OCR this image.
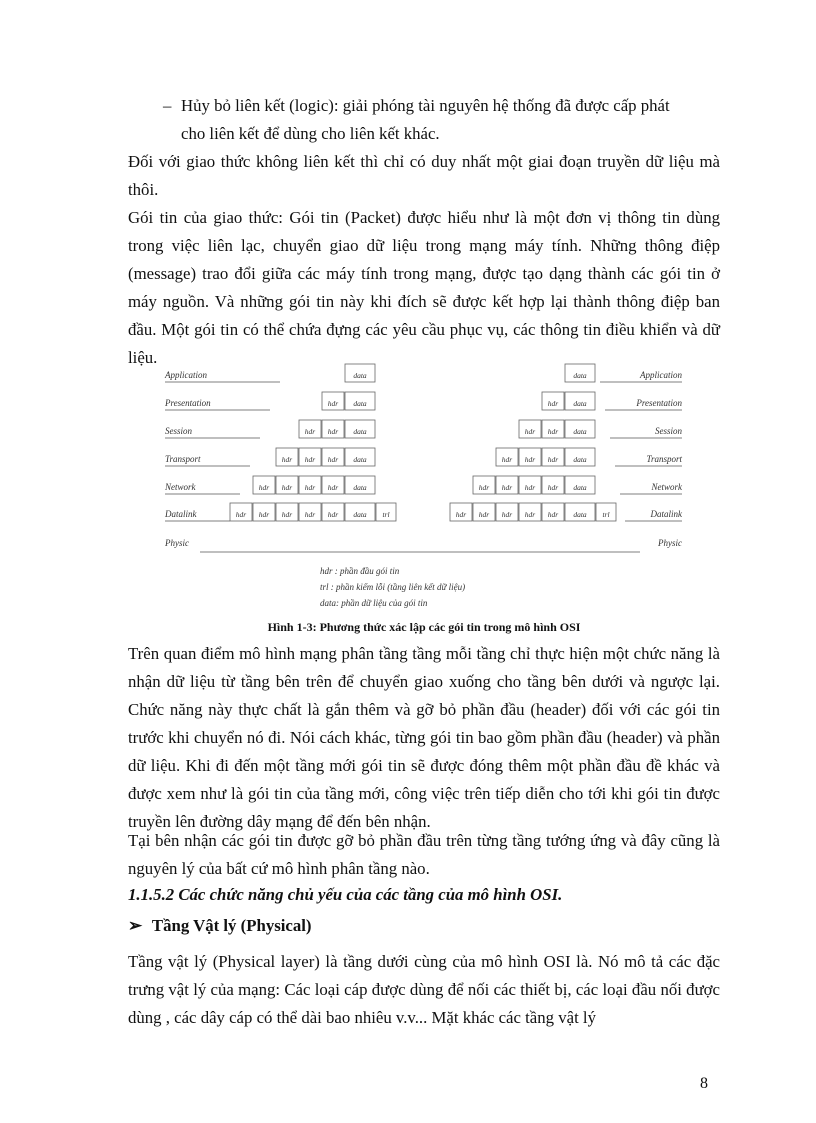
– Hủy bỏ liên kết (logic): giải phóng tài nguyên hệ thống đã được cấp phát
cho liên kết để dùng cho liên kết khác.

Đối với giao thức không liên kết thì chỉ có duy nhất một giai đoạn truyền dữ liệu mà thôi.

Gói tin của giao thức: Gói tin (Packet) được hiểu như là một đơn vị thông tin dùng trong việc liên lạc, chuyển giao dữ liệu trong mạng máy tính. Những thông điệp (message) trao đổi giữa các máy tính trong mạng, được tạo dạng thành các gói tin ở máy nguồn. Và những gói tin này khi đích sẽ được kết hợp lại thành thông điệp ban đầu. Một gói tin có thể chứa đựng các yêu cầu phục vụ, các thông tin điều khiển và dữ liệu.

Application
Presentation
Session
Transport
Network
Datalink
Physic
Application
Presentation
Session
Transport
Network
Datalink
Physic
data	data
data
hdr	data
hdr
data
hdr
hdr	data
hdr
hdr
data
hdr
hdr
hdr	data
hdr
hdr
hdr
data
hdr
hdr
hdr
hdr	data
hdr
hdr
hdr
hdr
data
hdr
hdr
hdr
hdr
hdr	trl	data
hdr
hdr
hdr
hdr
hdr	trl
hdr : phần đầu gói tin
trl : phần kiểm lỗi (tầng liên kết dữ liệu)
data: phần dữ liệu của gói tin
Hình 1-3: Phương thức xác lập các gói tin trong mô hình OSI

Trên quan điểm mô hình mạng phân tầng tầng mỗi tầng chỉ thực hiện một chức năng là nhận dữ liệu từ tầng bên trên để chuyển giao xuống cho tầng bên dưới và ngược lại. Chức năng này thực chất là gắn thêm và gỡ bỏ phần đầu (header) đối với các gói tin trước khi chuyển nó đi. Nói cách khác, từng gói tin bao gồm phần đầu (header) và phần dữ liệu. Khi đi đến một tầng mới gói tin sẽ được đóng thêm một phần đầu đề khác và được xem như là gói tin của tầng mới, công việc trên tiếp diễn cho tới khi gói tin được truyền lên đường dây mạng để đến bên nhận.

Tại bên nhận các gói tin được gỡ bỏ phần đầu trên từng tầng tướng ứng và đây cũng là nguyên lý của bất cứ mô hình phân tầng nào.

1.1.5.2 Các chức năng chủ yếu của các tầng của mô hình OSI.
➢ Tầng Vật lý (Physical)

Tầng vật lý (Physical layer) là tầng dưới cùng của mô hình OSI là. Nó mô tả các đặc trưng vật lý của mạng: Các loại cáp được dùng để nối các thiết bị, các loại đầu nối được dùng , các dây cáp có thể dài bao nhiêu v.v... Mặt khác các tầng vật lý

8
